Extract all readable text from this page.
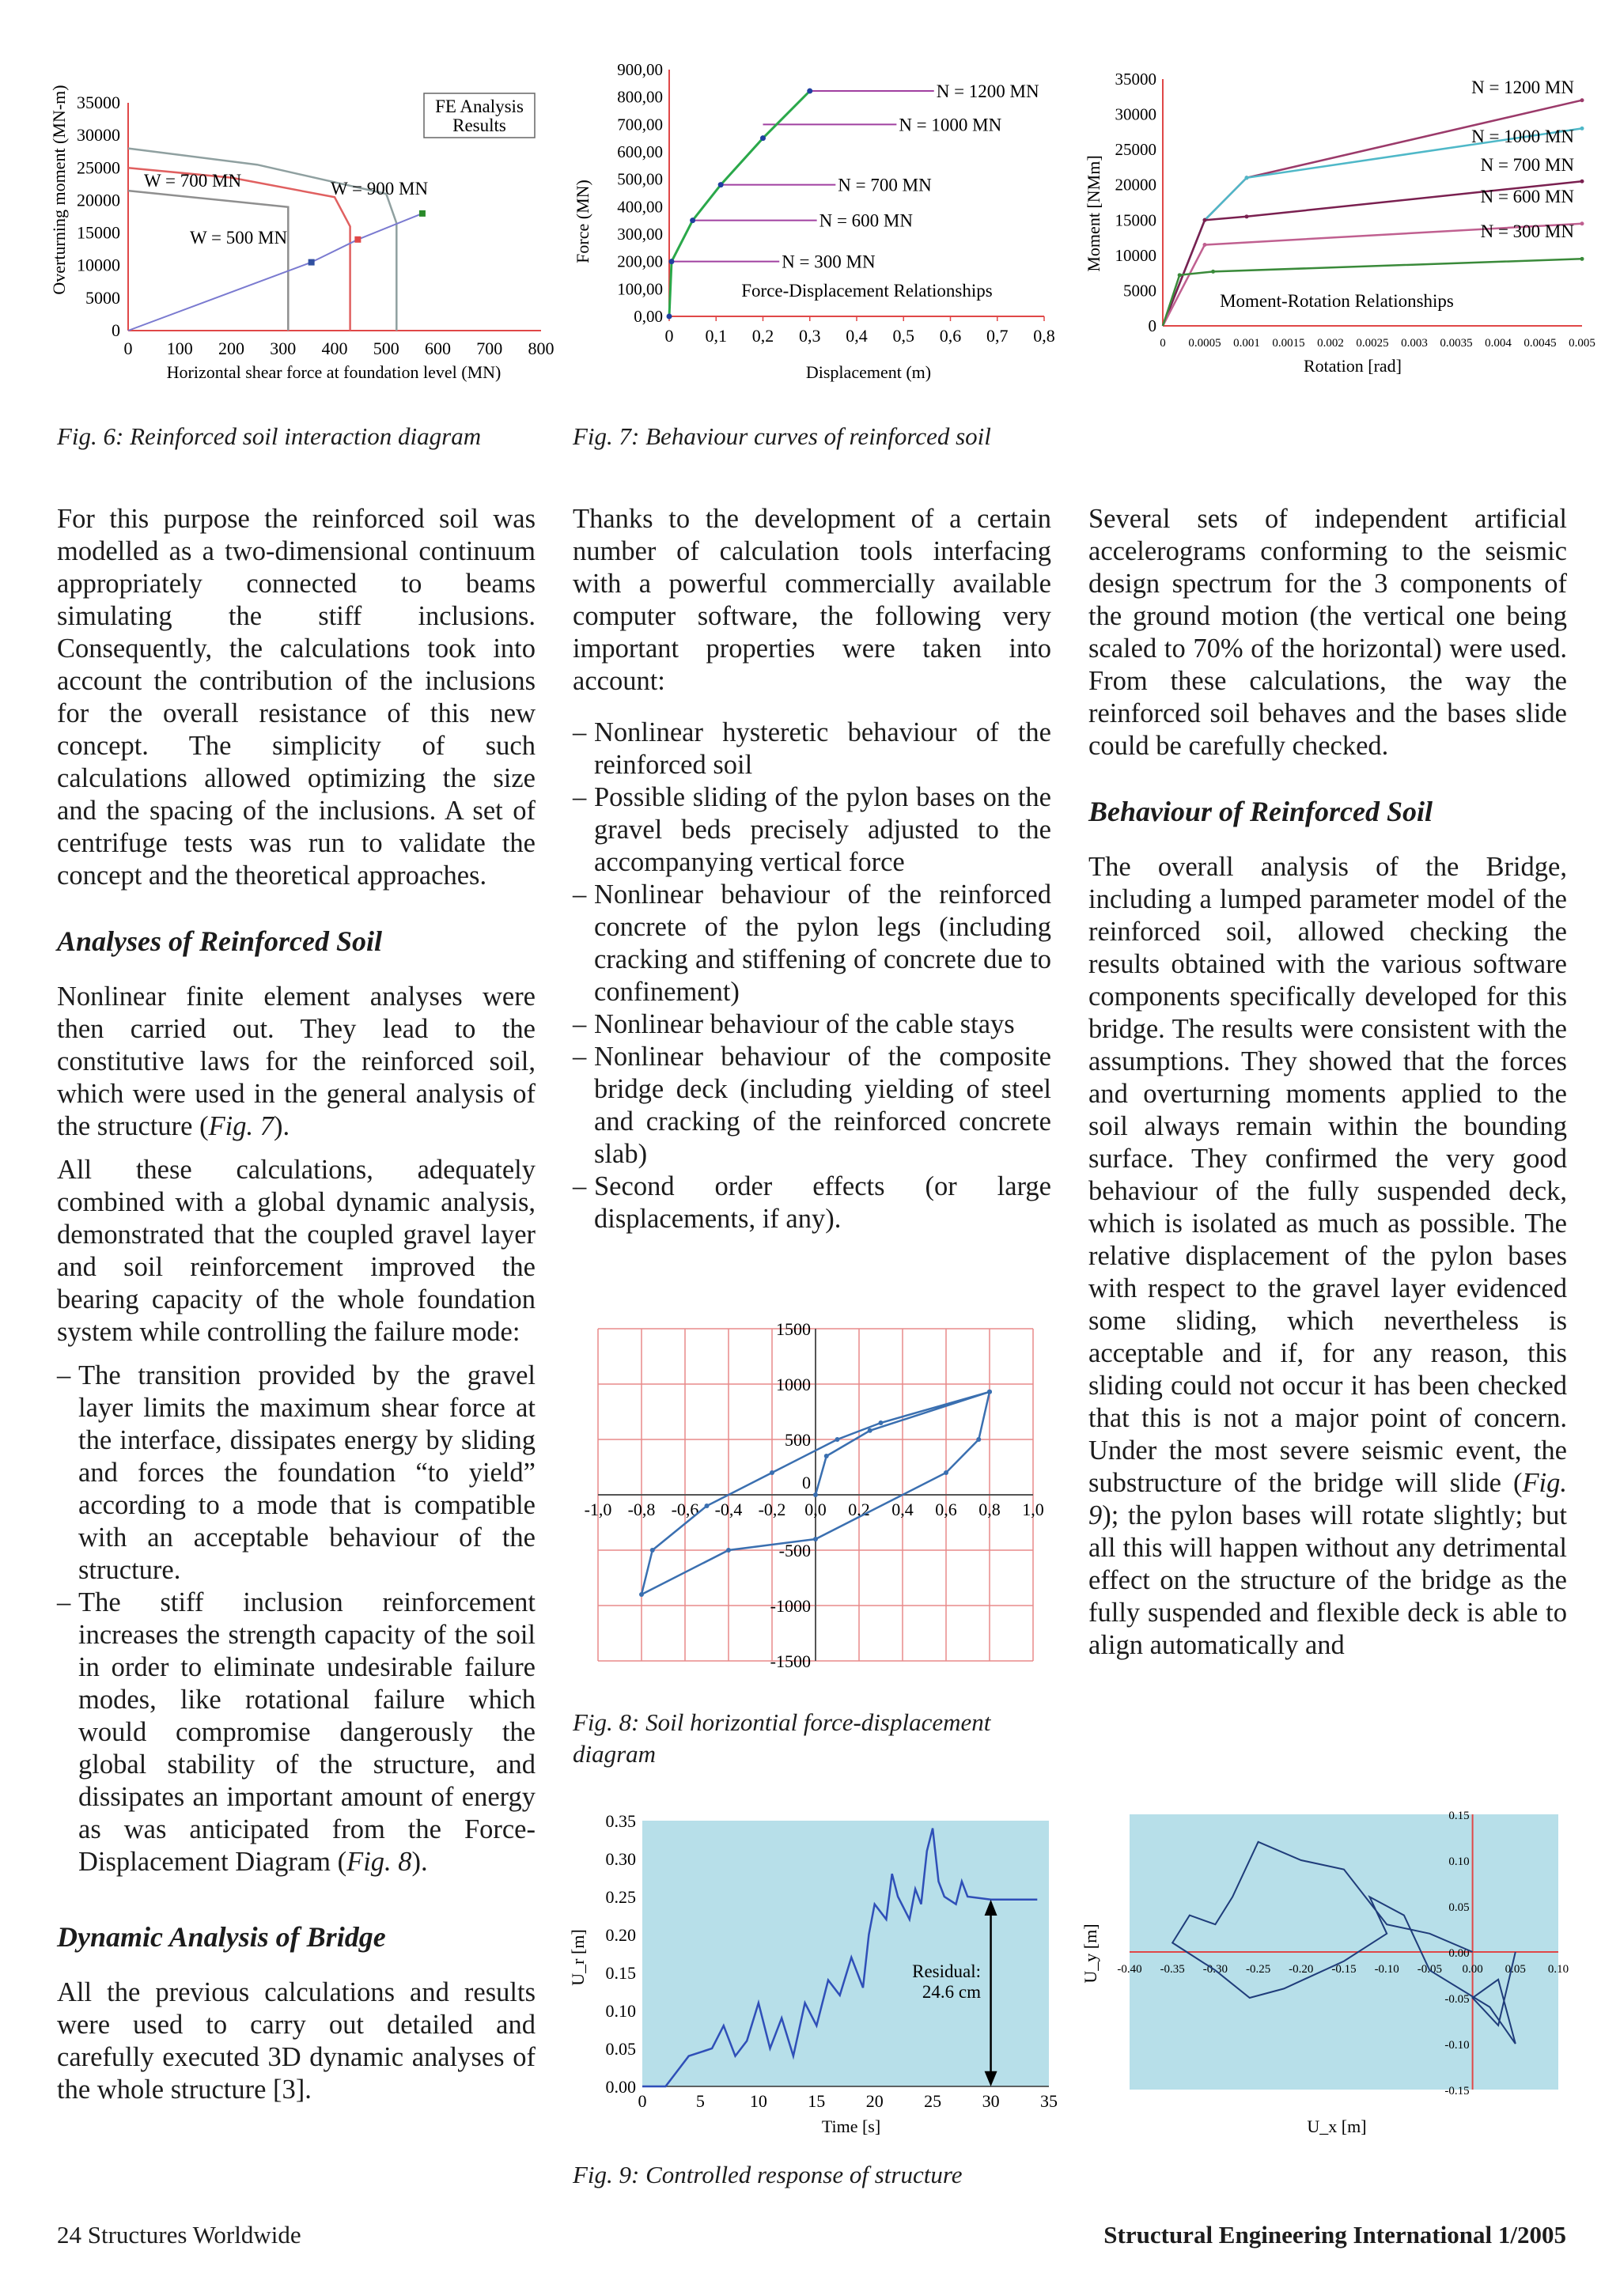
Overturning moment (MN-m)
0 100 200 300 400 500 600 700 800
0
5000
10000
15000
20000
25000
30000
35000
Horizontal shear force at foundation level (MN)
FE Analysis
Results
W = 700 MN	W = 900 MN
W = 500 MN	Force (MN)
0 0,1 0,2 0,3 0,4 0,5 0,6 0,7 0,8
0,00
100,00
200,00
300,00
400,00
500,00
600,00
700,00
800,00
900,00
N = 1200 MN
N = 1000 MN
N = 700 MN
N = 600 MN
N = 300 MN
Force-Displacement Relationships
Displacement (m)
Moment [NMm]
0 0.0005 0.001 0.0015 0.002 0.0025 0.003 0.0035 0.004 0.0045 0.005
0
5000
10000
15000
20000
25000
30000
35000	N = 1200 MN
N = 1000 MN
N = 700 MN
N = 600 MN
N = 300 MN
Moment-Rotation Relationships
Rotation [rad]
Fig. 6: Reinforced soil interaction diagram	Fig. 7: Behaviour curves of reinforced soil

For this purpose the reinforced soil was modelled as a two-dimensional continuum appropriately connected to beams simulating the stiff inclusions. Consequently, the calculations took into account the contribution of the inclusions for the overall resistance of this new concept. The simplicity of such calculations allowed optimizing the size and the spacing of the inclusions. A set of centrifuge tests was run to validate the concept and the theoretical approaches.

Analyses of Reinforced Soil

Nonlinear finite element analyses were then carried out. They lead to the constitutive laws for the reinforced soil, which were used in the general analysis of the structure (Fig. 7).

All these calculations, adequately combined with a global dynamic analysis, demonstrated that the coupled gravel layer and soil reinforcement improved the bearing capacity of the whole foundation system while controlling the failure mode:

– The transition provided by the gravel layer limits the maximum shear force at the interface, dissipates energy by sliding and forces the foundation “to yield” according to a mode that is compatible with an acceptable behaviour of the structure.
– The stiff inclusion reinforcement increases the strength capacity of the soil in order to eliminate undesirable failure modes, like rotational failure which would compromise dangerously the global stability of the structure, and dissipates an important amount of energy as was anticipated from the Force-Displacement Diagram (Fig. 8).
Dynamic Analysis of Bridge

All the previous calculations and results were used to carry out detailed and carefully executed 3D dynamic analyses of the whole structure [3].

Thanks to the development of a certain number of calculation tools interfacing with a powerful commercially available computer software, the following very important properties were taken into account:

– Nonlinear hysteretic behaviour of the reinforced soil
– Possible sliding of the pylon bases on the gravel beds precisely adjusted to the accompanying vertical force
– Nonlinear behaviour of the reinforced concrete of the pylon legs (including cracking and stiffening of concrete due to confinement)
– Nonlinear behaviour of the cable stays
– Nonlinear behaviour of the composite bridge deck (including yielding of steel and cracking of the reinforced concrete slab)
– Second order effects (or large displacements, if any).
-1,0 -0,8 -0,6 -0,4 -0,2 0,0 0,2 0,4 0,6 0,8 1,0
1500
1000
500
-500
-1000
-1500
0
Fig. 8: Soil horizontial force-displacement
diagram
U_r [m]
0	5	10 15 20 25 30 35
0.00
0.05
0.10
0.15
0.20
0.25
0.30
0.35
Residual:
24.6 cm
Time [s]
U_y [m] -0.40 -0.35 -0.30 -0.25 -0.20 -0.15 -0.10 -0.05 0.00 0.05 0.10
0.15
0.10
0.05
0.00
-0.05
-0.10
-0.15
U_x [m]
Fig. 9: Controlled response of structure

Several sets of independent artificial accelerograms conforming to the seismic design spectrum for the 3 components of the ground motion (the vertical one being scaled to 70% of the horizontal) were used. From these calculations, the way the reinforced soil behaves and the bases slide could be carefully checked.

Behaviour of Reinforced Soil

The overall analysis of the Bridge, including a lumped parameter model of the reinforced soil, allowed checking the results obtained with the various software components specifically developed for this bridge. The results were consistent with the assumptions. They showed that the forces and overturning moments applied to the soil always remain within the bounding surface. They confirmed the very good behaviour of the fully suspended deck, which is isolated as much as possible. The relative displacement of the pylon bases with respect to the gravel layer evidenced some sliding, which nevertheless is acceptable and if, for any reason, this sliding could not occur it has been checked that this is not a major point of concern. Under the most severe seismic event, the substructure of the bridge will slide (Fig. 9); the pylon bases will rotate slightly; but all this will happen without any detrimental effect on the structure of the bridge as the fully suspended and flexible deck is able to align automatically and

24 Structures Worldwide	Structural Engineering International 1/2005
